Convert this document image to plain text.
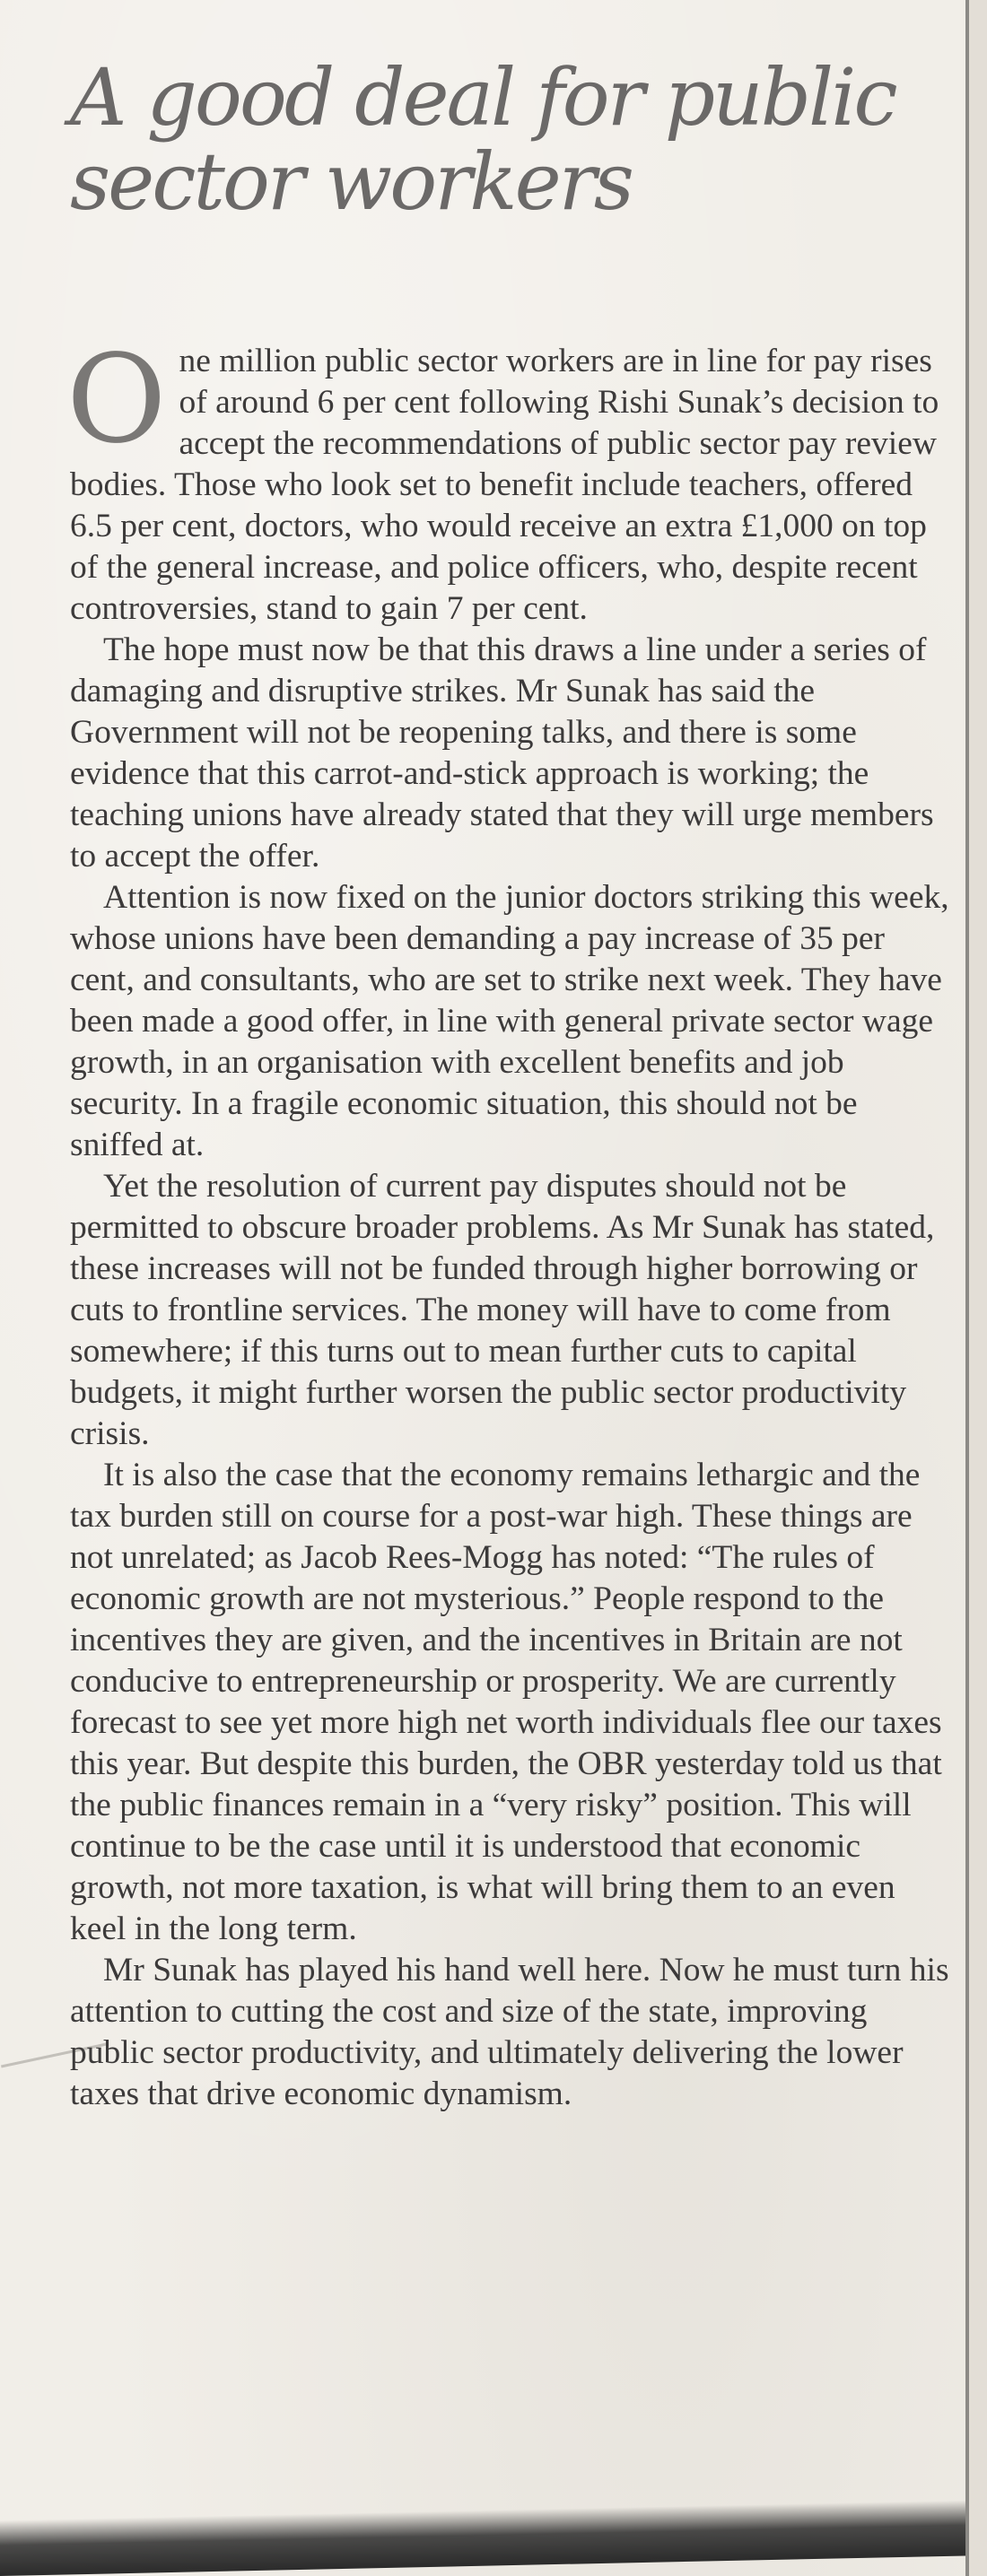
A good deal for public sector workers

One million public sector workers are in line for pay rises of around 6 per cent following Rishi Sunak’s decision to accept the recommendations of public sector pay review bodies. Those who look set to benefit include teachers, offered 6.5 per cent, doctors, who would receive an extra £1,000 on top of the general increase, and police officers, who, despite recent controversies, stand to gain 7 per cent.

The hope must now be that this draws a line under a series of damaging and disruptive strikes. Mr Sunak has said the Government will not be reopening talks, and there is some evidence that this carrot-and-stick approach is working; the teaching unions have already stated that they will urge members to accept the offer.

Attention is now fixed on the junior doctors striking this week, whose unions have been demanding a pay increase of 35 per cent, and consultants, who are set to strike next week. They have been made a good offer, in line with general private sector wage growth, in an organisation with excellent benefits and job security. In a fragile economic situation, this should not be sniffed at.

Yet the resolution of current pay disputes should not be permitted to obscure broader problems. As Mr Sunak has stated, these increases will not be funded through higher borrowing or cuts to frontline services. The money will have to come from somewhere; if this turns out to mean further cuts to capital budgets, it might further worsen the public sector productivity crisis.

It is also the case that the economy remains lethargic and the tax burden still on course for a post-war high. These things are not unrelated; as Jacob Rees-Mogg has noted: “The rules of economic growth are not mysterious.” People respond to the incentives they are given, and the incentives in Britain are not conducive to entrepreneurship or prosperity. We are currently forecast to see yet more high net worth individuals flee our taxes this year. But despite this burden, the OBR yesterday told us that the public finances remain in a “very risky” position. This will continue to be the case until it is understood that economic growth, not more taxation, is what will bring them to an even keel in the long term.

Mr Sunak has played his hand well here. Now he must turn his attention to cutting the cost and size of the state, improving public sector productivity, and ultimately delivering the lower taxes that drive economic dynamism.
